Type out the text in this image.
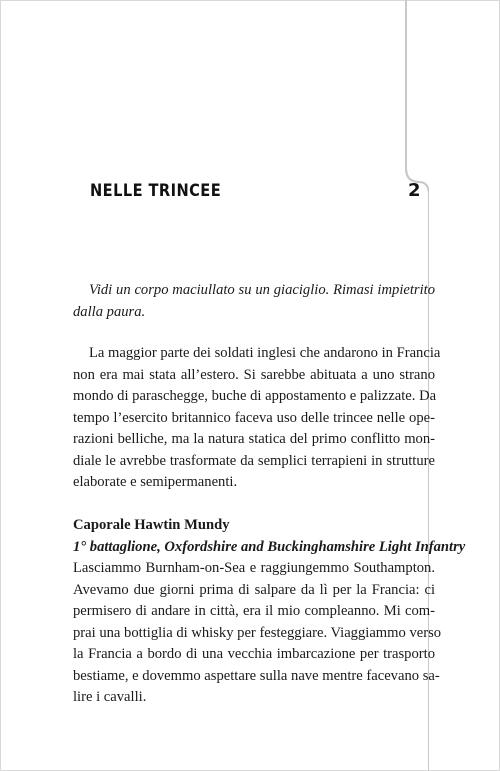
NELLE TRINCEE	2
Vidi un corpo maciullato su un giaciglio. Rimasi impietrito
dalla paura.
La maggior parte dei soldati inglesi che andarono in Francia
non era mai stata all’estero. Si sarebbe abituata a uno strano
mondo di paraschegge, buche di appostamento e palizzate. Da
tempo l’esercito britannico faceva uso delle trincee nelle ope-
razioni belliche, ma la natura statica del primo conflitto mon-
diale le avrebbe trasformate da semplici terrapieni in strutture
elaborate e semipermanenti.
Caporale Hawtin Mundy
1° battaglione, Oxfordshire and Buckinghamshire Light Infantry
Lasciammo Burnham-on-Sea e raggiungemmo Southampton.
Avevamo due giorni prima di salpare da lì per la Francia: ci
permisero di andare in città, era il mio compleanno. Mi com-
prai una bottiglia di whisky per festeggiare. Viaggiammo verso
la Francia a bordo di una vecchia imbarcazione per trasporto
bestiame, e dovemmo aspettare sulla nave mentre facevano sa-
lire i cavalli.
